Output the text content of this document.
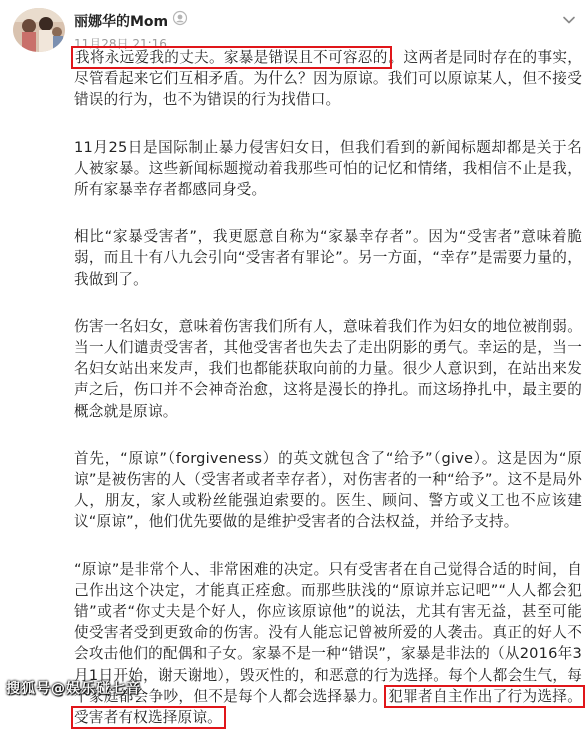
丽娜华的Mom
11月28日 21:16
我将永远爱我的丈夫。家暴是错误且不可容忍的。这两者是同时存在的事实，尽管看起来它们互相矛盾。为什么？因为原谅。我们可以原谅某人，但不接受错误的行为，也不为错误的行为找借口。
11月25日是国际制止暴力侵害妇女日，但我们看到的新闻标题却都是关于名人被家暴。这些新闻标题搅动着我那些可怕的记忆和情绪，我相信不止是我，所有家暴幸存者都感同身受。
相比“家暴受害者”，我更愿意自称为“家暴幸存者”。因为“受害者”意味着脆弱，而且十有八九会引向“受害者有罪论”。另一方面，“幸存”是需要力量的，我做到了。
伤害一名妇女，意味着伤害我们所有人，意味着我们作为妇女的地位被削弱。当一人们谴责受害者，其他受害者也失去了走出阴影的勇气。幸运的是，当一名妇女站出来发声，我们也都能获取向前的力量。很少人意识到，在站出来发声之后，伤口并不会神奇治愈，这将是漫长的挣扎。而这场挣扎中，最主要的概念就是原谅。
首先，“原谅”（forgiveness）的英文就包含了“给予”（give）。这是因为“原谅”是被伤害的人（受害者或者幸存者），对伤害者的一种“给予”。这不是局外人，朋友，家人或粉丝能强迫索要的。医生、顾问、警方或义工也不应该建议“原谅”，他们优先要做的是维护受害者的合法权益，并给予支持。
“原谅”是非常个人、非常困难的决定。只有受害者在自己觉得合适的时间，自己作出这个决定，才能真正痊愈。而那些肤浅的“原谅并忘记吧”“人人都会犯错”或者“你丈夫是个好人，你应该原谅他”的说法，尤其有害无益，甚至可能使受害者受到更致命的伤害。没有人能忘记曾被所爱的人袭击。真正的好人不会攻击他们的配偶和子女。家暴不是一种“错误”，家暴是非法的（从2016年3月1日开始，谢天谢地），毁灭性的，和恶意的行为选择。每个人都会生气，每个家庭都会争吵，但不是每个人都会选择暴力。犯罪者自主作出了行为选择。受害者有权选择原谅。
搜狐号@娱乐碰七音
